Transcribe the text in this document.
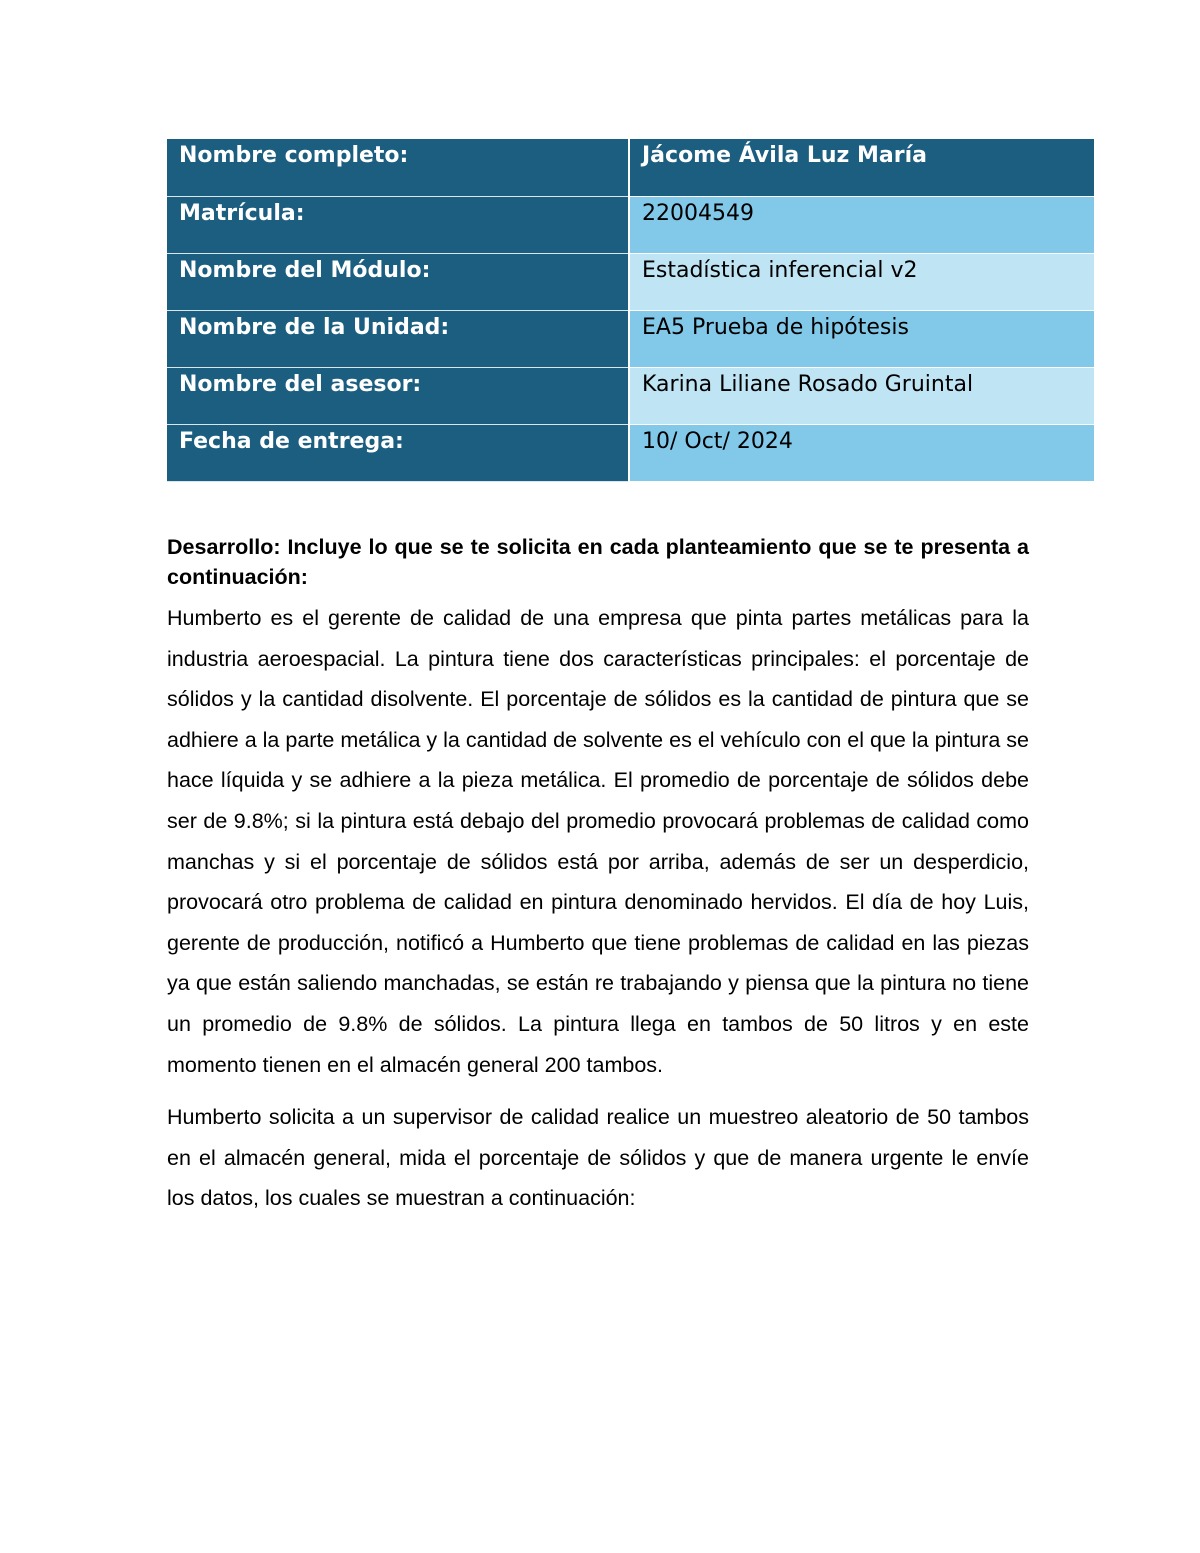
Nombre completo:	Jácome Ávila Luz María
Matrícula:	22004549
Nombre del Módulo:	Estadística inferencial v2
Nombre de la Unidad:	EA5 Prueba de hipótesis
Nombre del asesor:	Karina Liliane Rosado Gruintal
Fecha de entrega:	10/ Oct/ 2024

Desarrollo: Incluye lo que se te solicita en cada planteamiento que se te presenta a continuación:

Humberto es el gerente de calidad de una empresa que pinta partes metálicas para la industria aeroespacial. La pintura tiene dos características principales: el porcentaje de sólidos y la cantidad disolvente. El porcentaje de sólidos es la cantidad de pintura que se adhiere a la parte metálica y la cantidad de solvente es el vehículo con el que la pintura se hace líquida y se adhiere a la pieza metálica. El promedio de porcentaje de sólidos debe ser de 9.8%; si la pintura está debajo del promedio provocará problemas de calidad como manchas y si el porcentaje de sólidos está por arriba, además de ser un desperdicio, provocará otro problema de calidad en pintura denominado hervidos. El día de hoy Luis, gerente de producción, notificó a Humberto que tiene problemas de calidad en las piezas ya que están saliendo manchadas, se están re trabajando y piensa que la pintura no tiene un promedio de 9.8% de sólidos. La pintura llega en tambos de 50 litros y en este momento tienen en el almacén general 200 tambos.

Humberto solicita a un supervisor de calidad realice un muestreo aleatorio de 50 tambos en el almacén general, mida el porcentaje de sólidos y que de manera urgente le envíe los datos, los cuales se muestran a continuación:
